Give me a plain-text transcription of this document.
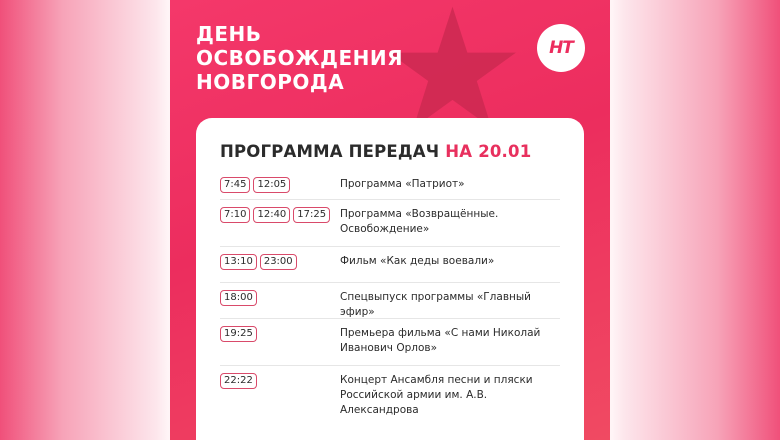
ДЕНЬ
ОСВОБОЖДЕНИЯ
НОВГОРОДА
НТ
ПРОГРАММА ПЕРЕДАЧ НА 20.01
7:45	12:05	Программа «Патриот»
7:10	12:40	17:25	Программа «Возвращённые. Освобождение»
13:10	23:00	Фильм «Как деды воевали»
18:00	Спецвыпуск программы «Главный эфир»
19:25	Премьера фильма «С нами Николай Иванович Орлов»
22:22	Концерт Ансамбля песни и пляски Российской армии им. А.В. Александрова
